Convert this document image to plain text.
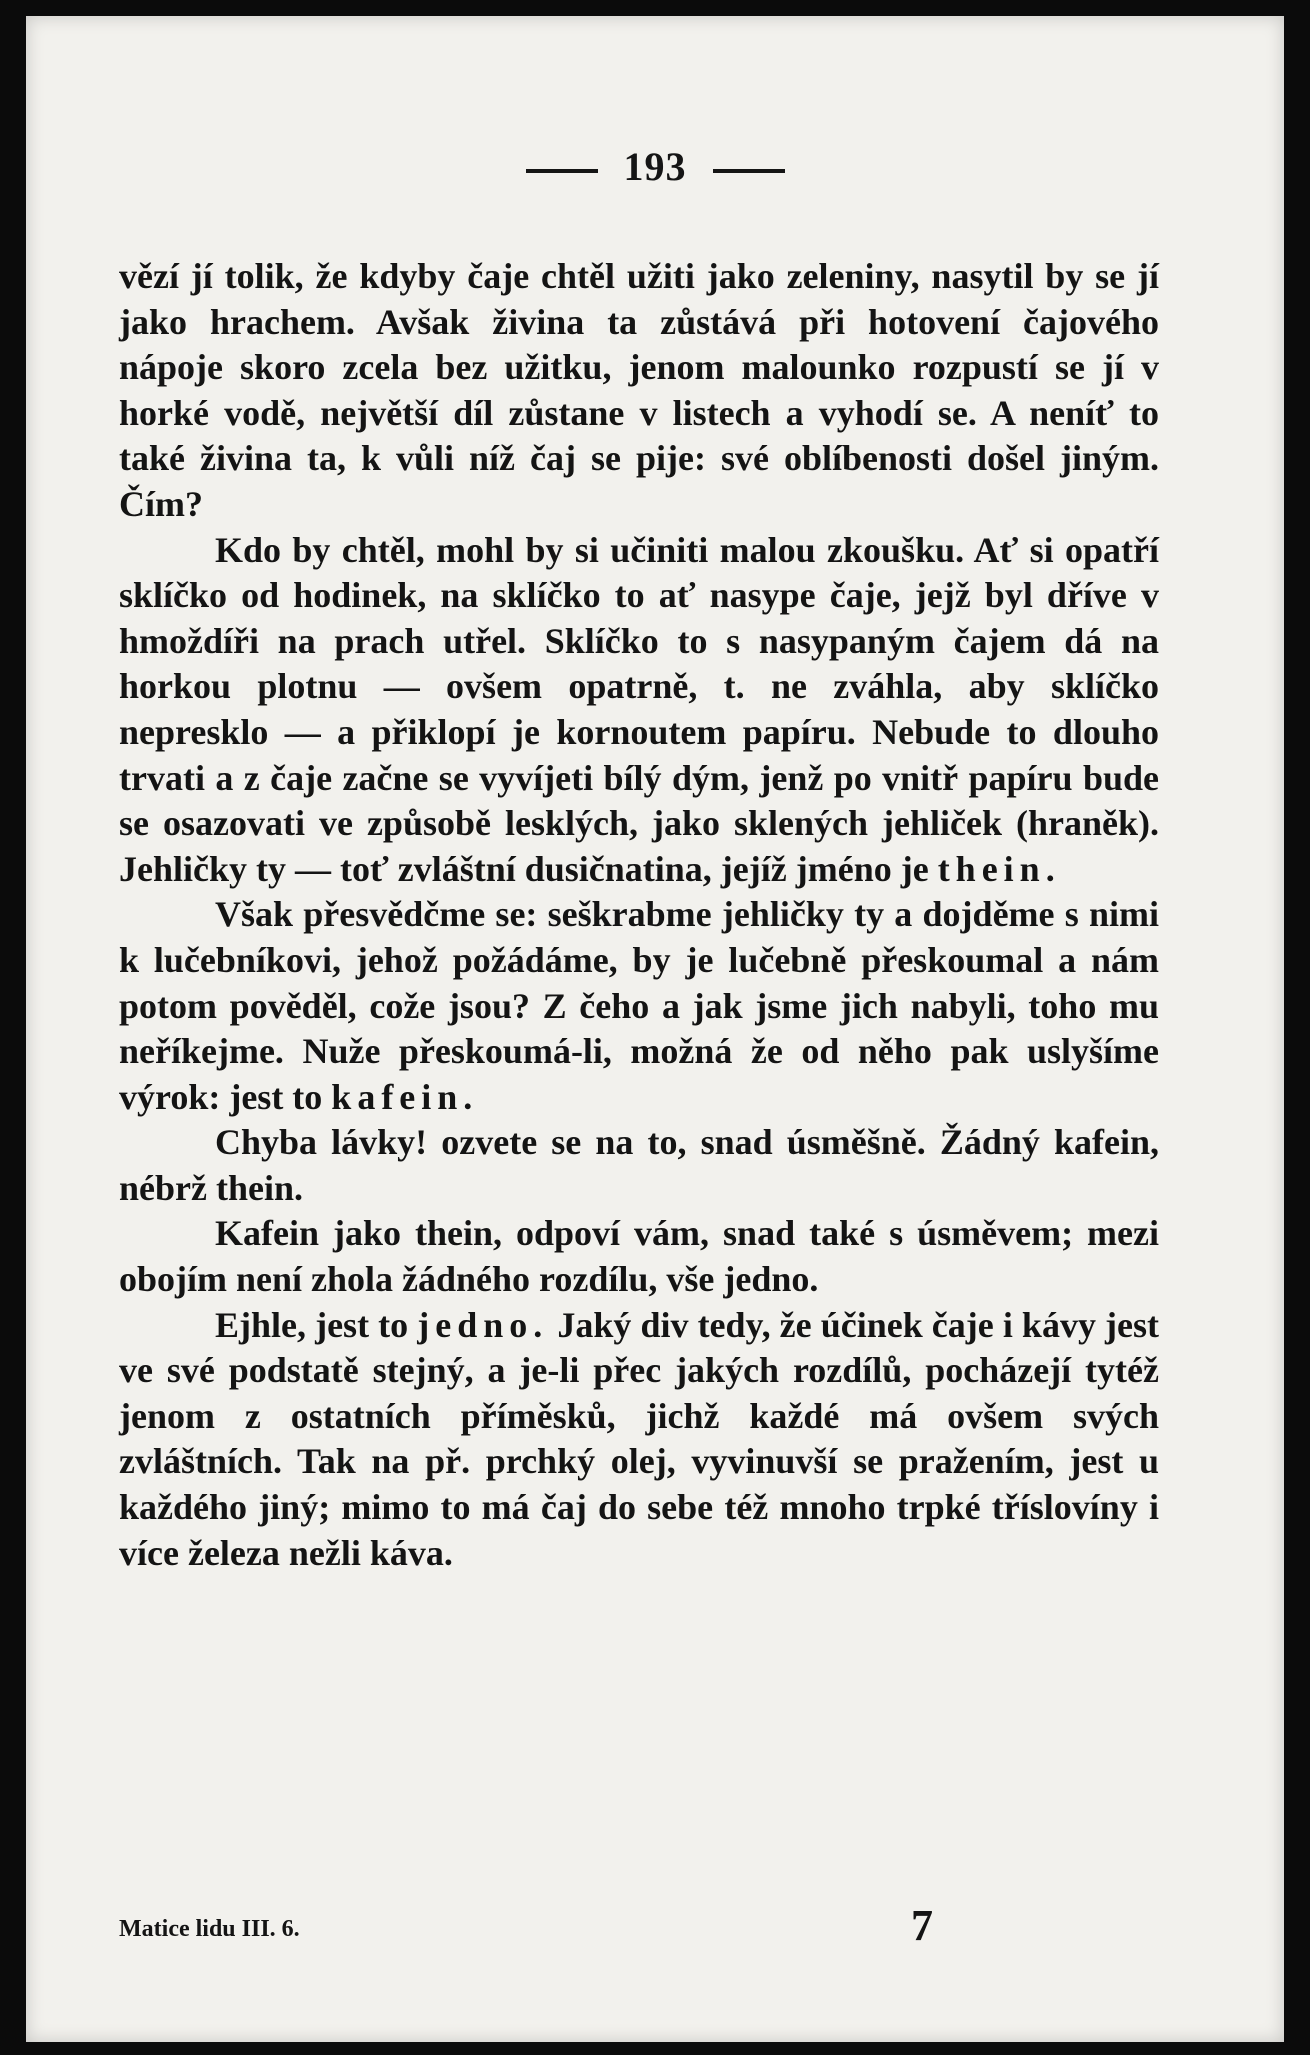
193

vězí jí tolik, že kdyby čaje chtěl užiti jako zeleniny, nasytil by se jí jako hrachem. Avšak živina ta zůstává při hotovení čajového nápoje skoro zcela bez užitku, jenom malounko rozpustí se jí v horké vodě, největší díl zůstane v listech a vyhodí se. A neníť to také živina ta, k vůli níž čaj se pije: své oblíbenosti došel jiným. Čím?

Kdo by chtěl, mohl by si učiniti malou zkoušku. Ať si opatří sklíčko od hodinek, na sklíčko to ať nasype čaje, jejž byl dříve v hmoždíři na prach utřel. Sklíčko to s nasypaným čajem dá na horkou plotnu — ovšem opatrně, t. ne zváhla, aby sklíčko nepresklo — a přiklopí je kornoutem papíru. Nebude to dlouho trvati a z čaje začne se vyvíjeti bílý dým, jenž po vnitř papíru bude se osazovati ve způsobě lesklých, jako sklených jehliček (hraněk). Jehličky ty — toť zvláštní dusičnatina, jejíž jméno je thein.

Však přesvědčme se: seškrabme jehličky ty a dojděme s nimi k lučebníkovi, jehož požádáme, by je lučebně přeskoumal a nám potom pověděl, cože jsou? Z čeho a jak jsme jich nabyli, toho mu neříkejme. Nuže přeskoumá-li, možná že od něho pak uslyšíme výrok: jest to kafein.

Chyba lávky! ozvete se na to, snad úsměšně. Žádný kafein, nébrž thein.

Kafein jako thein, odpoví vám, snad také s úsměvem; mezi obojím není zhola žádného rozdílu, vše jedno.

Ejhle, jest to jedno. Jaký div tedy, že účinek čaje i kávy jest ve své podstatě stejný, a je-li přec jakých rozdílů, pocházejí tytéž jenom z ostatních příměsků, jichž každé má ovšem svých zvláštních. Tak na př. prchký olej, vyvinuvší se pražením, jest u každého jiný; mimo to má čaj do sebe též mnoho trpké tříslovíny i více železa nežli káva.

Matice lidu III. 6.	7
